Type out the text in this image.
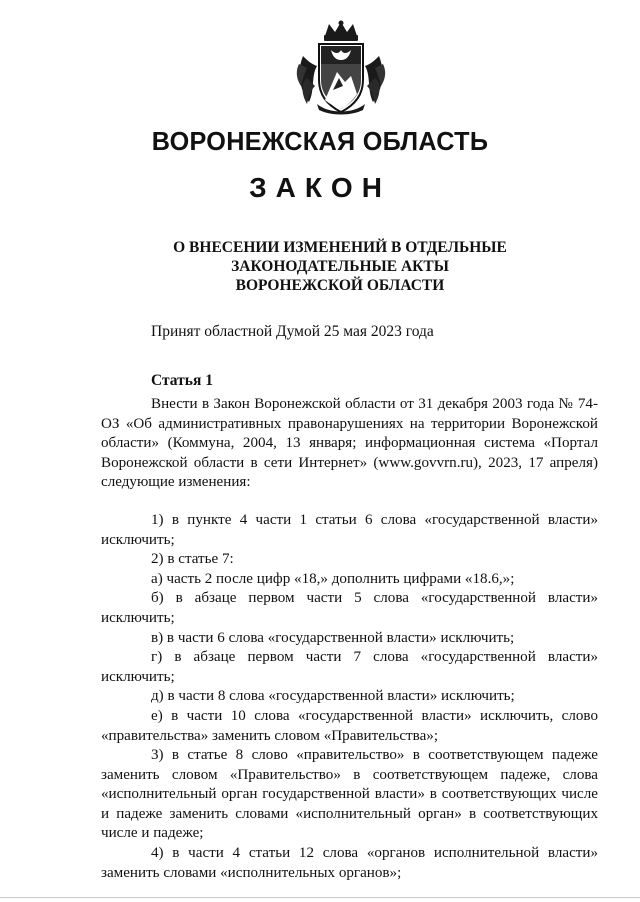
ВОРОНЕЖСКАЯ ОБЛАСТЬ
ЗАКОН
О ВНЕСЕНИИ ИЗМЕНЕНИЙ В ОТДЕЛЬНЫЕ
ЗАКОНОДАТЕЛЬНЫЕ АКТЫ
ВОРОНЕЖСКОЙ ОБЛАСТИ
Принят областной Думой 25 мая 2023 года
Статья 1

Внести в Закон Воронежской области от 31 декабря 2003 года № 74-ОЗ «Об административных правонарушениях на территории Воронежской области» (Коммуна, 2004, 13 января; информационная система «Портал Воронежской области в сети Интернет» (www.govvrn.ru), 2023, 17 апреля) следующие изменения:

1) в пункте 4 части 1 статьи 6 слова «государственной власти» исключить;

2) в статье 7:

а) часть 2 после цифр «18,» дополнить цифрами «18.6,»;

б) в абзаце первом части 5 слова «государственной власти» исключить;

в) в части 6 слова «государственной власти» исключить;

г) в абзаце первом части 7 слова «государственной власти» исключить;

д) в части 8 слова «государственной власти» исключить;

е) в части 10 слова «государственной власти» исключить, слово «правительства» заменить словом «Правительства»;

3) в статье 8 слово «правительство» в соответствующем падеже заменить словом «Правительство» в соответствующем падеже, слова «исполнительный орган государственной власти» в соответствующих числе и падеже заменить словами «исполнительный орган» в соответствующих числе и падеже;

4) в части 4 статьи 12 слова «органов исполнительной власти» заменить словами «исполнительных органов»;
